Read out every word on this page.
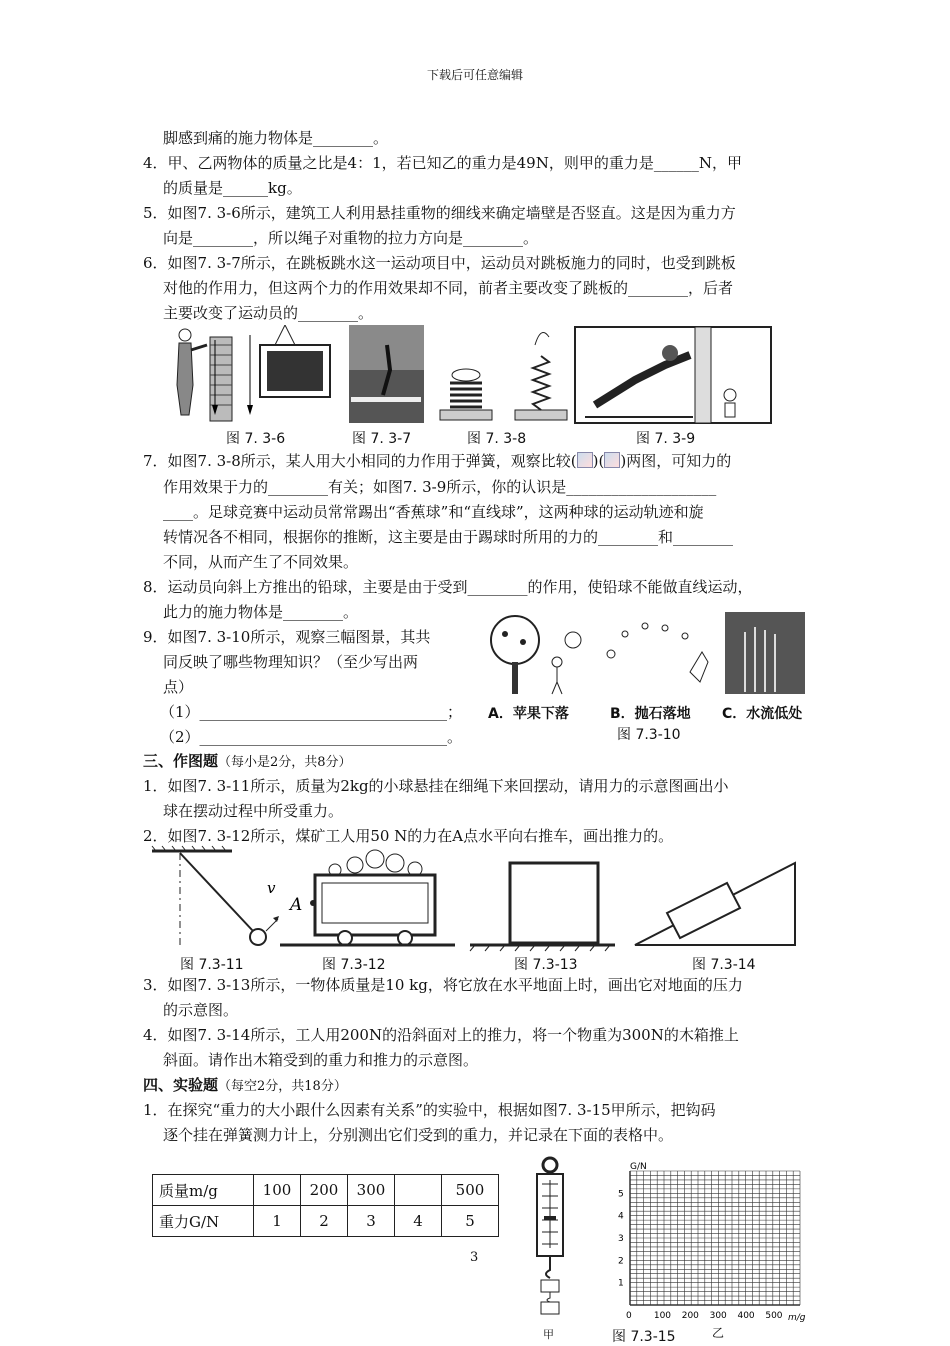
下载后可任意编辑
脚感到痛的施力物体是________。
4．甲、乙两物体的质量之比是4：1，若已知乙的重力是49N，则甲的重力是______N，甲
的质量是______kg。
5．如图7. 3-6所示，建筑工人利用悬挂重物的细线来确定墙壁是否竖直。这是因为重力方
向是________，所以绳子对重物的拉力方向是________。
6．如图7. 3-7所示，在跳板跳水这一运动项目中，运动员对跳板施力的同时，也受到跳板
对他的作用力，但这两个力的作用效果却不同，前者主要改变了跳板的________，后者
主要改变了运动员的________。
图 7. 3-6	图 7. 3-7	图 7. 3-8	图 7. 3-9
7．如图7. 3-8所示，某人用大小相同的力作用于弹簧，观察比较( )( )两图，可知力的
作用效果于力的________有关；如图7. 3-9所示，你的认识是____________________
____。足球竞赛中运动员常常踢出“香蕉球”和“直线球”，这两种球的运动轨迹和旋
转情况各不相同，根据你的推断，这主要是由于踢球时所用的力的________和________
不同，从而产生了不同效果。
8．运动员向斜上方推出的铅球，主要是由于受到________的作用，使铅球不能做直线运动，
此力的施力物体是________。
9．如图7. 3-10所示，观察三幅图景，其共
同反映了哪些物理知识？（至少写出两
点）
（1）_________________________________；
（2）_________________________________。
A．苹果下落	B．抛石落地 C．水流低处
图 7.3-10
三、作图题（每小是2分，共8分）
1．如图7. 3-11所示，质量为2kg的小球悬挂在细绳下来回摆动，请用力的示意图画出小
球在摆动过程中所受重力。
2．如图7. 3-12所示，煤矿工人用50 N的力在A点水平向右推车，画出推力的。
v
A
图 7.3-11	图 7.3-12	图 7.3-13	图 7.3-14
3．如图7. 3-13所示，一物体质量是10 kg，将它放在水平地面上时，画出它对地面的压力
的示意图。
4．如图7. 3-14所示，工人用200N的沿斜面对上的推力，将一个物重为300N的木箱推上
斜面。请作出木箱受到的重力和推力的示意图。
四、实验题（每空2分，共18分）
1．在探究“重力的大小跟什么因素有关系”的实验中，根据如图7. 3-15甲所示，把钩码
逐个挂在弹簧测力计上，分别测出它们受到的重力，并记录在下面的表格中。
质量m/g	100	200	300		500
重力G/N	1	2	3	4	5
3
甲
G/N
m/g
1
2
3
4
5
0 100 200 300 400 500
图 7.3-15	乙
